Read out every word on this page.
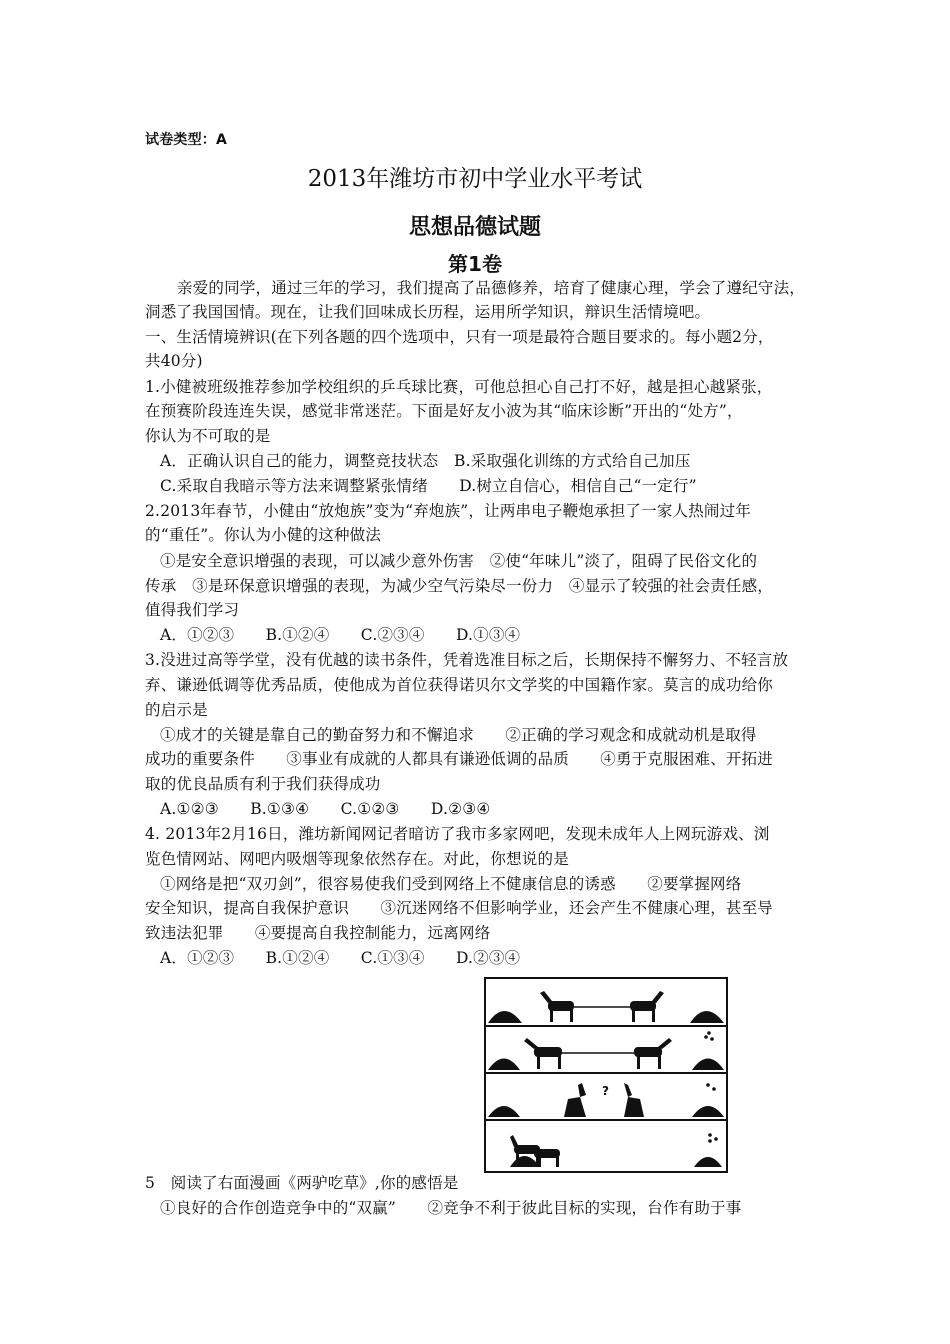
试卷类型：A
2013年潍坊市初中学业水平考试
思想品德试题
第1卷
亲爱的同学，通过三年的学习，我们提高了品德修养，培育了健康心理，学会了遵纪守法，
洞悉了我国国情。现在，让我们回味成长历程，运用所学知识，辩识生活情境吧。
一、生活情境辨识(在下列各题的四个选项中，只有一项是最符合题目要求的。每小题2分，
共40分)
1.小健被班级推荐参加学校组织的乒乓球比赛，可他总担心自己打不好，越是担心越紧张，
在预赛阶段连连失误，感觉非常迷茫。下面是好友小波为其“临床诊断”开出的“处方”，
你认为不可取的是
A．正确认识自己的能力，调整竞技状态　B.采取强化训练的方式给自己加压
C.采取自我暗示等方法来调整紧张情绪　　D.树立自信心，相信自己“一定行”
2.2013年春节，小健由“放炮族”变为“弃炮族”，让两串电子鞭炮承担了一家人热闹过年
的“重任”。你认为小健的这种做法
①是安全意识增强的表现，可以减少意外伤害　②使“年味儿”淡了，阻碍了民俗文化的
传承　③是环保意识增强的表现，为减少空气污染尽一份力　④显示了较强的社会责任感，
值得我们学习
A．①②③　　B.①②④　　C.②③④　　D.①③④
3.没进过高等学堂，没有优越的读书条件，凭着选准目标之后，长期保持不懈努力、不轻言放
弃、谦逊低调等优秀品质，使他成为首位获得诺贝尔文学奖的中国籍作家。莫言的成功给你
的启示是
①成才的关键是靠自己的勤奋努力和不懈追求　　②正确的学习观念和成就动机是取得
成功的重要条件　　③事业有成就的人都具有谦逊低调的品质　　④勇于克服困难、开拓进
取的优良品质有利于我们获得成功
A.①②③　　B.①③④　　C.①②③　　D.②③④
4. 2013年2月16日，潍坊新闻网记者暗访了我市多家网吧，发现未成年人上网玩游戏、浏
览色情网站、网吧内吸烟等现象依然存在。对此，你想说的是
①网络是把“双刃剑”，很容易使我们受到网络上不健康信息的诱惑　　②要掌握网络
安全知识，提高自我保护意识　　③沉迷网络不但影响学业，还会产生不健康心理，甚至导
致违法犯罪　　④要提高自我控制能力，远离网络
A．①②③　　B.①②④　　C.①③④　　D.②③④
?
5　阅读了右面漫画《两驴吃草》,你的感悟是
①良好的合作创造竞争中的“双赢”　　②竞争不利于彼此目标的实现，台作有助于事
